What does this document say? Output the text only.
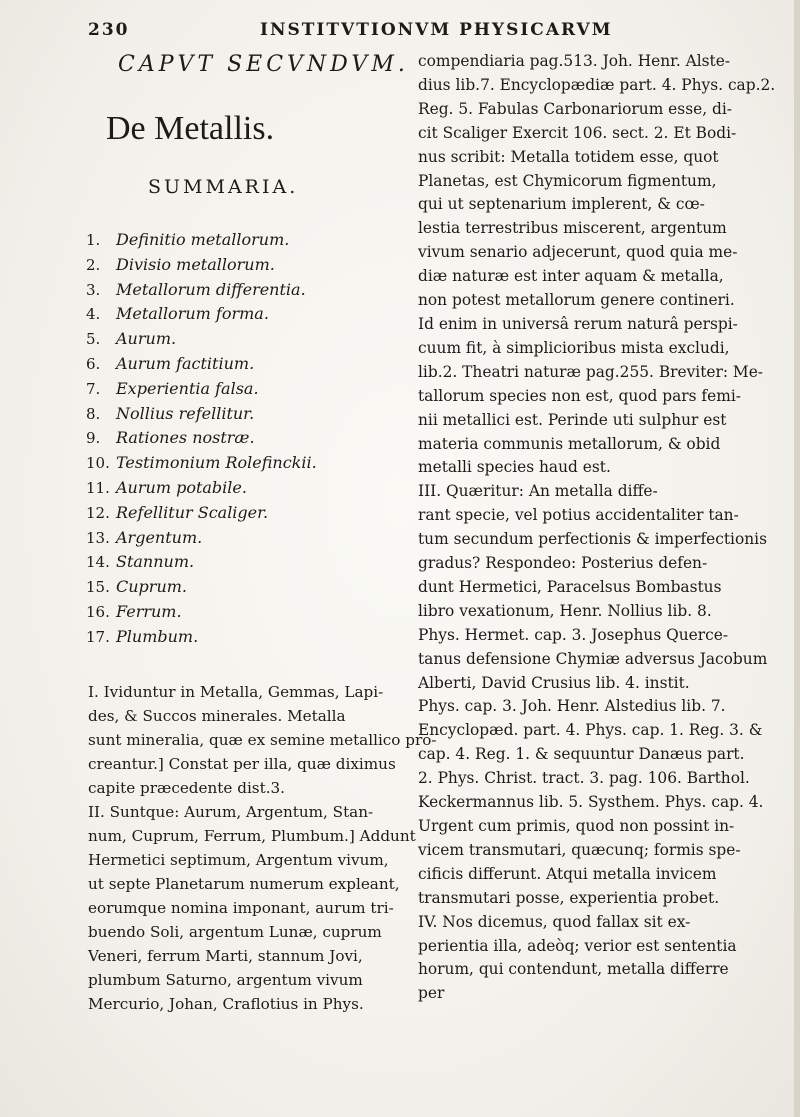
230	INSTITVTIONVM PHYSICARVM
CAPVT SECVNDVM.
De Metallis.
SUMMARIA.
1. Definitio metallorum.
2. Divisio metallorum.
3. Metallorum differentia.
4. Metallorum forma.
5. Aurum.
6. Aurum factitium.
7. Experientia falsa.
8. Nollius refellitur.
9. Rationes nostræ.
10. Testimonium Rolefinckii.
11. Aurum potabile.
12. Refellitur Scaliger.
13. Argentum.
14. Stannum.
15. Cuprum.
16. Ferrum.
17. Plumbum.

I. Ividuntur in Metalla, Gemmas, Lapi-
des, & Succos minerales. Metalla
sunt mineralia, quæ ex semine metallico pro-
creantur.] Constat per illa, quæ diximus
capite præcedente dist.3.

II. Suntque: Aurum, Argentum, Stan-
num, Cuprum, Ferrum, Plumbum.] Addunt
Hermetici septimum, Argentum vivum,
ut septe Planetarum numerum expleant,
eorumque nomina imponant, aurum tri-
buendo Soli, argentum Lunæ, cuprum
Veneri, ferrum Marti, stannum Jovi,
plumbum Saturno, argentum vivum
Mercurio, Johan, Craflotius in Phys.

compendiaria pag.513. Joh. Henr. Alste-
dius lib.7. Encyclopædiæ part. 4. Phys. cap.2.
Reg. 5. Fabulas Carbonariorum esse, di-
cit Scaliger Exercit 106. sect. 2. Et Bodi-
nus scribit: Metalla totidem esse, quot
Planetas, est Chymicorum figmentum,
qui ut septenarium implerent, & cœ-
lestia terrestribus miscerent, argentum
vivum senario adjecerunt, quod quia me-
diæ naturæ est inter aquam & metalla,
non potest metallorum genere contineri.
Id enim in universâ rerum naturâ perspi-
cuum fit, à simplicioribus mista excludi,
lib.2. Theatri naturæ pag.255. Breviter: Me-
tallorum species non est, quod pars femi-
nii metallici est. Perinde uti sulphur est
materia communis metallorum, & obid
metalli species haud est.
III. Quæritur: An metalla diffe-
rant specie, vel potius accidentaliter tan-
tum secundum perfectionis & imperfectionis
gradus? Respondeo: Posterius defen-
dunt Hermetici, Paracelsus Bombastus
libro vexationum, Henr. Nollius lib. 8.
Phys. Hermet. cap. 3. Josephus Querce-
tanus defensione Chymiæ adversus Jacobum
Alberti, David Crusius lib. 4. instit.
Phys. cap. 3. Joh. Henr. Alstedius lib. 7.
Encyclopæd. part. 4. Phys. cap. 1. Reg. 3. &
cap. 4. Reg. 1. & sequuntur Danæus part.
2. Phys. Christ. tract. 3. pag. 106. Barthol.
Keckermannus lib. 5. Systhem. Phys. cap. 4.
Urgent cum primis, quod non possint in-
vicem transmutari, quæcunq; formis spe-
cificis differunt. Atqui metalla invicem
transmutari posse, experientia probet.
IV. Nos dicemus, quod fallax sit ex-
perientia illa, adeòq; verior est sententia
horum, qui contendunt, metalla differre
per
